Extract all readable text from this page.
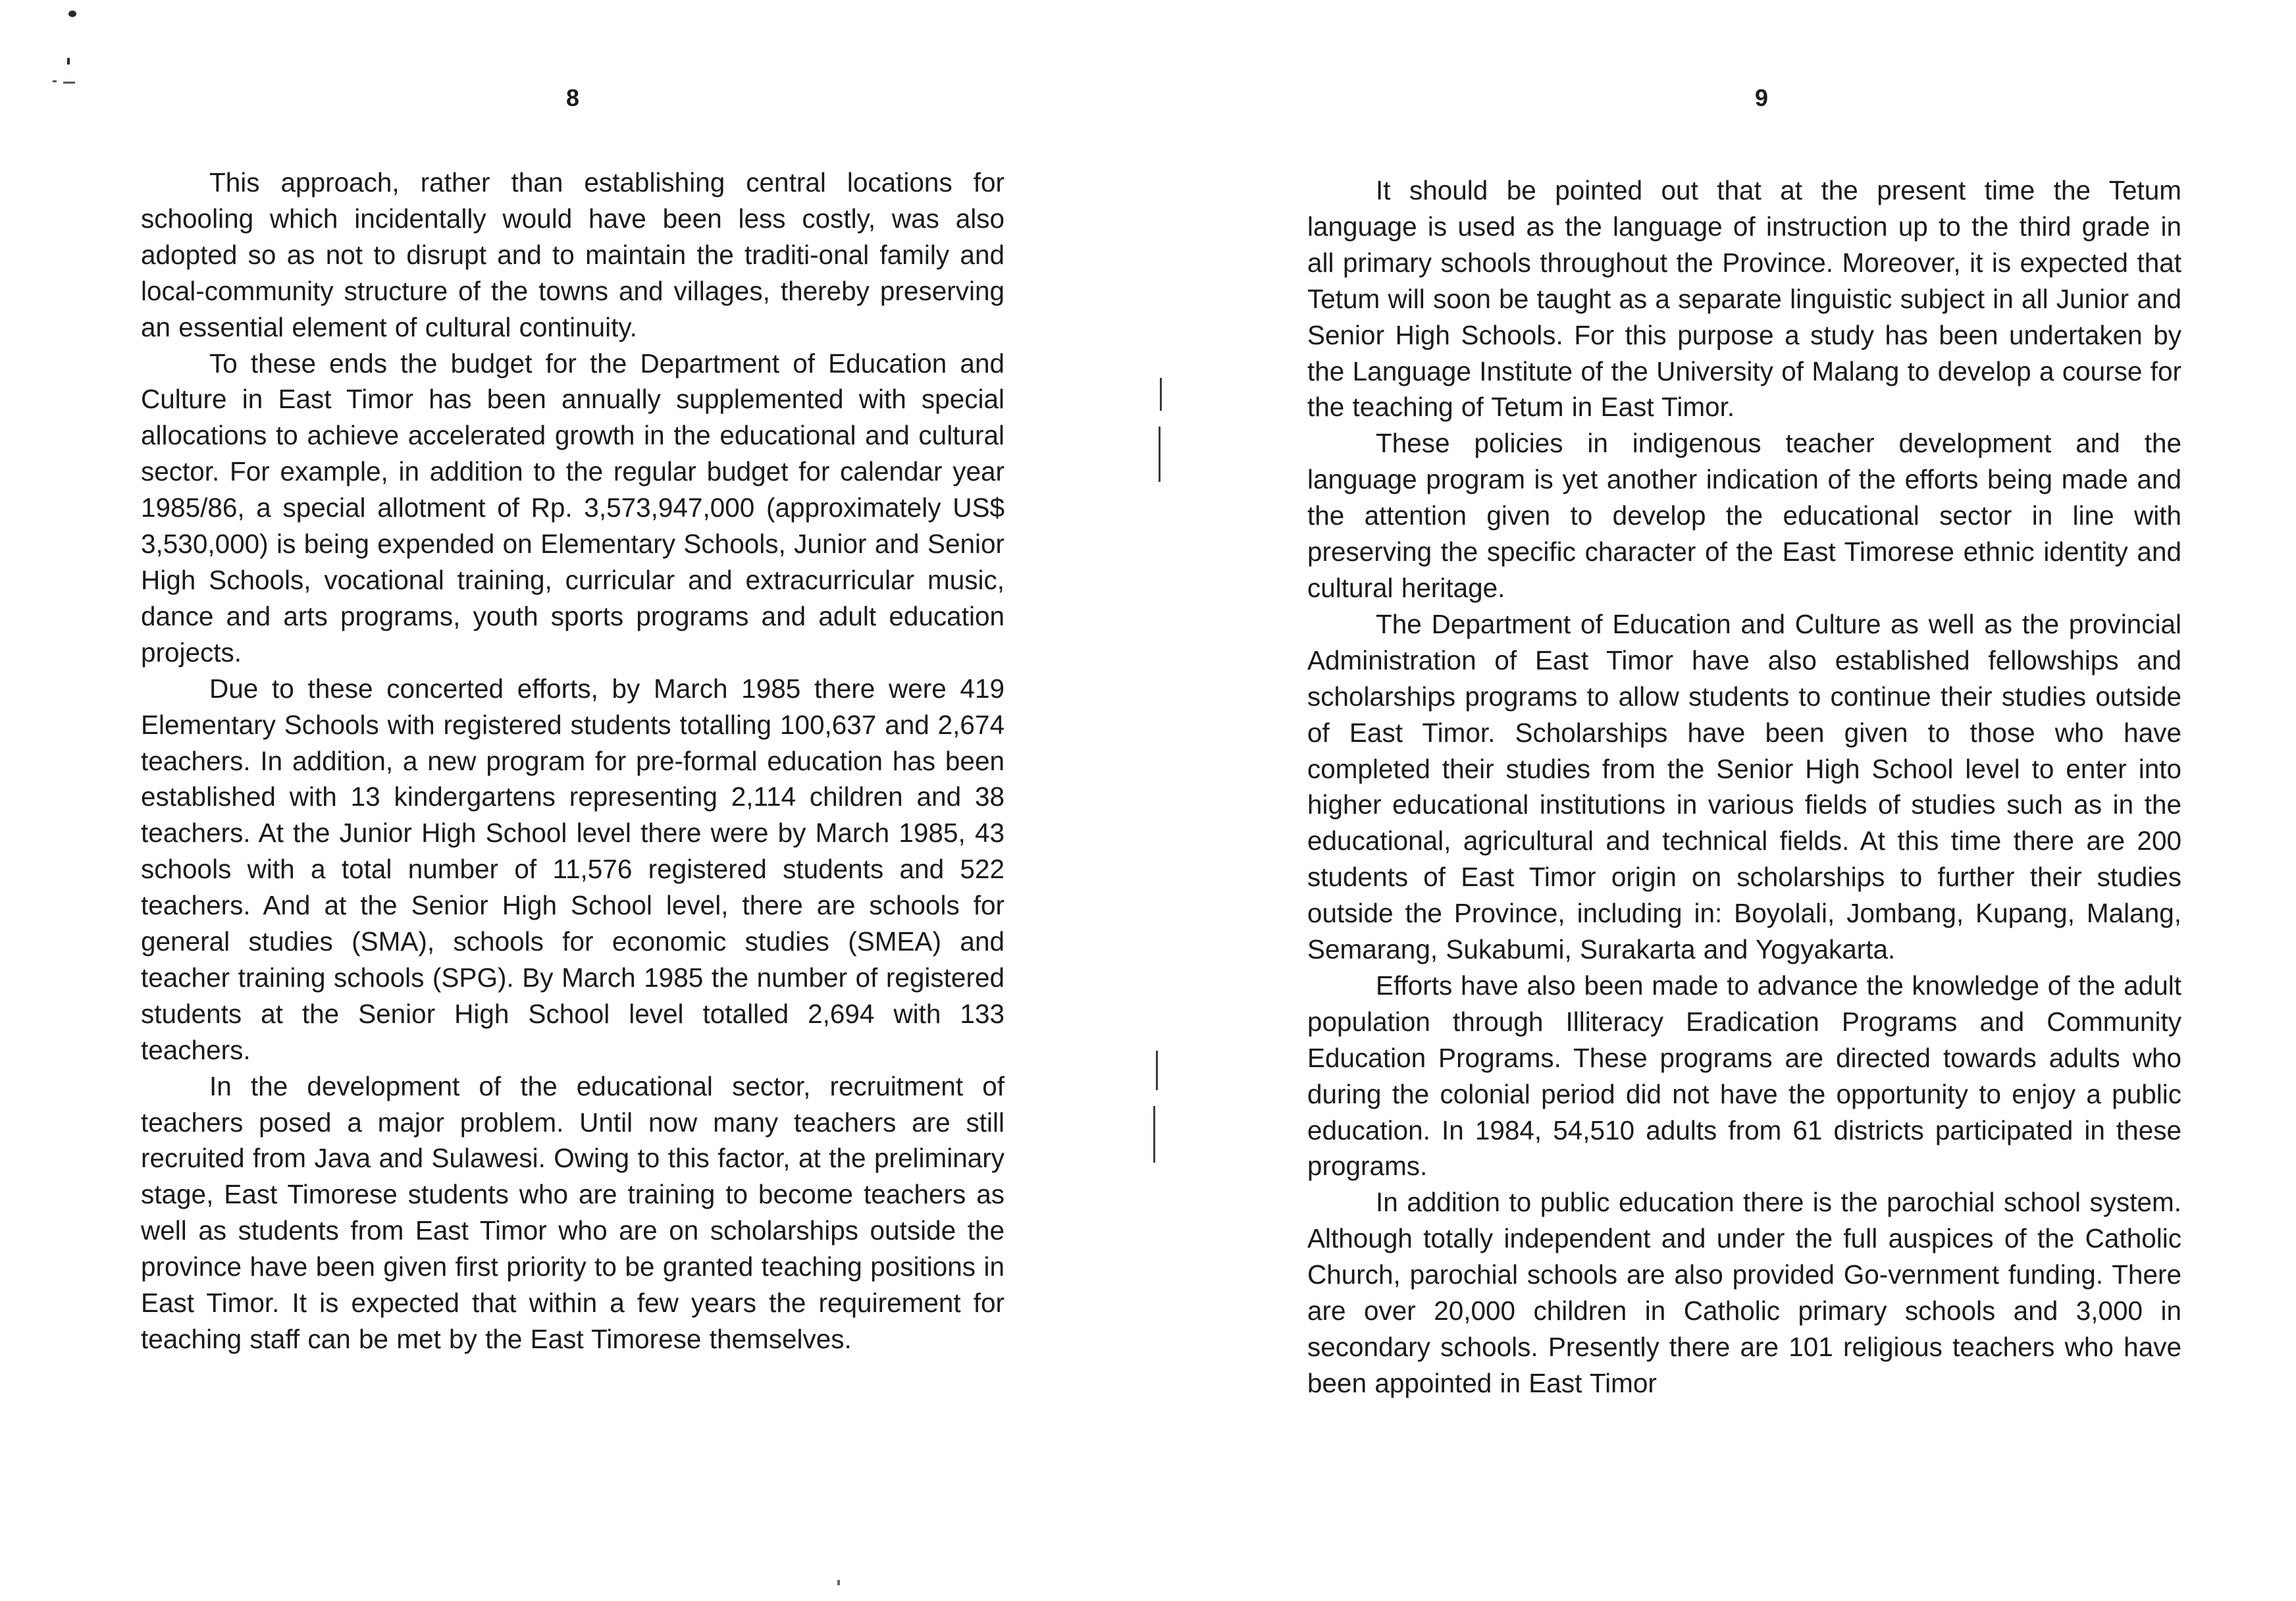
8

This approach, rather than establishing central locations for schooling which incidentally would have been less costly, was also adopted so as not to disrupt and to maintain the traditi-onal family and local-community structure of the towns and villages, thereby preserving an essential element of cultural continuity.

To these ends the budget for the Department of Education and Culture in East Timor has been annually supplemented with special allocations to achieve accelerated growth in the educational and cultural sector. For example, in addition to the regular budget for calendar year 1985/86, a special allotment of Rp. 3,573,947,000 (approximately US$ 3,530,000) is being expended on Elementary Schools, Junior and Senior High Schools, vocational training, curricular and extracurricular music, dance and arts programs, youth sports programs and adult education projects.

Due to these concerted efforts, by March 1985 there were 419 Elementary Schools with registered students totalling 100,637 and 2,674 teachers. In addition, a new program for pre-formal education has been established with 13 kindergartens representing 2,114 children and 38 teachers. At the Junior High School level there were by March 1985, 43 schools with a total number of 11,576 registered students and 522 teachers. And at the Senior High School level, there are schools for general studies (SMA), schools for economic studies (SMEA) and teacher training schools (SPG). By March 1985 the number of registered students at the Senior High School level totalled 2,694 with 133 teachers.

In the development of the educational sector, recruitment of teachers posed a major problem. Until now many teachers are still recruited from Java and Sulawesi. Owing to this factor, at the preliminary stage, East Timorese students who are training to become teachers as well as students from East Timor who are on scholarships outside the province have been given first priority to be granted teaching positions in East Timor. It is expected that within a few years the requirement for teaching staff can be met by the East Timorese themselves.

9

It should be pointed out that at the present time the Tetum language is used as the language of instruction up to the third grade in all primary schools throughout the Province. Moreover, it is expected that Tetum will soon be taught as a separate linguistic subject in all Junior and Senior High Schools. For this purpose a study has been undertaken by the Language Institute of the University of Malang to develop a course for the teaching of Tetum in East Timor.

These policies in indigenous teacher development and the language program is yet another indication of the efforts being made and the attention given to develop the educational sector in line with preserving the specific character of the East Timorese ethnic identity and cultural heritage.

The Department of Education and Culture as well as the provincial Administration of East Timor have also established fellowships and scholarships programs to allow students to continue their studies outside of East Timor. Scholarships have been given to those who have completed their studies from the Senior High School level to enter into higher educational institutions in various fields of studies such as in the educational, agricultural and technical fields. At this time there are 200 students of East Timor origin on scholarships to further their studies outside the Province, including in: Boyolali, Jombang, Kupang, Malang, Semarang, Sukabumi, Surakarta and Yogyakarta.

Efforts have also been made to advance the knowledge of the adult population through Illiteracy Eradication Programs and Community Education Programs. These programs are directed towards adults who during the colonial period did not have the opportunity to enjoy a public education. In 1984, 54,510 adults from 61 districts participated in these programs.

In addition to public education there is the parochial school system. Although totally independent and under the full auspices of the Catholic Church, parochial schools are also provided Go-vernment funding. There are over 20,000 children in Catholic primary schools and 3,000 in secondary schools. Presently there are 101 religious teachers who have been appointed in East Timor
